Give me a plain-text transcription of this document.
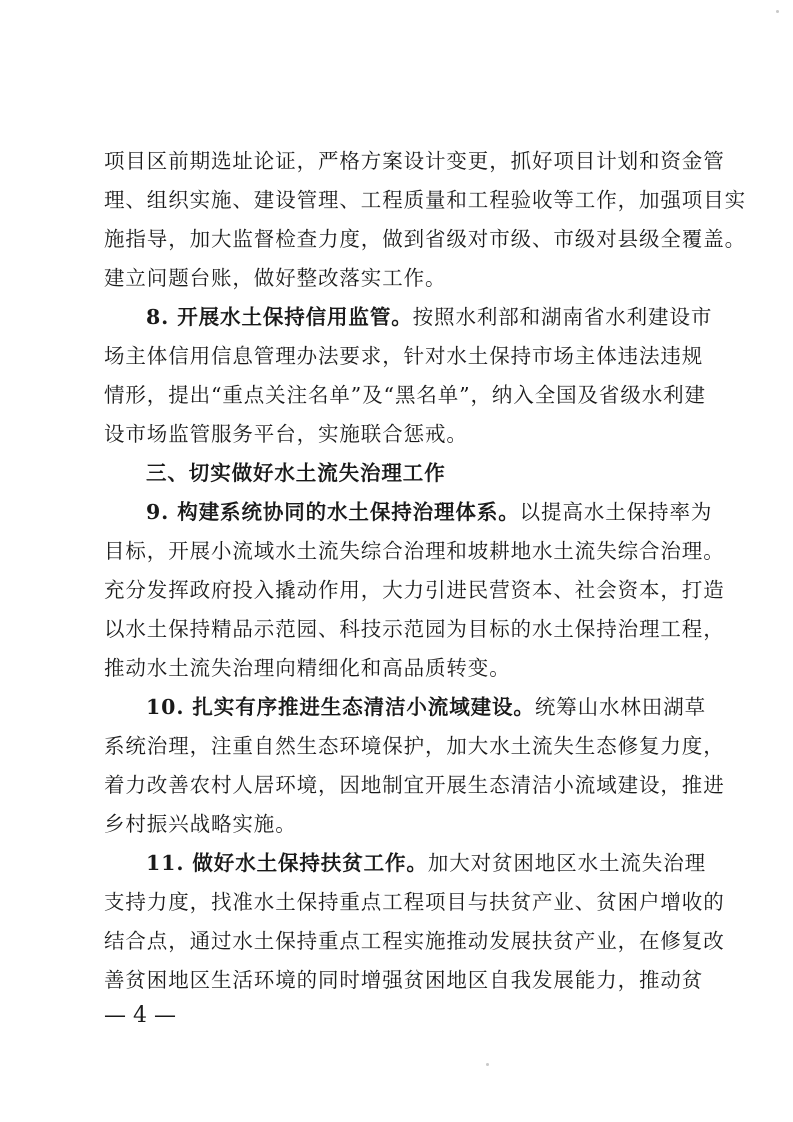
项目区前期选址论证，严格方案设计变更，抓好项目计划和资金管
理、组织实施、建设管理、工程质量和工程验收等工作，加强项目实
施指导，加大监督检查力度，做到省级对市级、市级对县级全覆盖。
建立问题台账，做好整改落实工作。
8. 开展水土保持信用监管。按照水利部和湖南省水利建设市
场主体信用信息管理办法要求，针对水土保持市场主体违法违规
情形，提出“重点关注名单”及“黑名单”，纳入全国及省级水利建
设市场监管服务平台，实施联合惩戒。
三、切实做好水土流失治理工作
9. 构建系统协同的水土保持治理体系。以提高水土保持率为
目标，开展小流域水土流失综合治理和坡耕地水土流失综合治理。
充分发挥政府投入撬动作用，大力引进民营资本、社会资本，打造
以水土保持精品示范园、科技示范园为目标的水土保持治理工程，
推动水土流失治理向精细化和高品质转变。
10. 扎实有序推进生态清洁小流域建设。统筹山水林田湖草
系统治理，注重自然生态环境保护，加大水土流失生态修复力度，
着力改善农村人居环境，因地制宜开展生态清洁小流域建设，推进
乡村振兴战略实施。
11. 做好水土保持扶贫工作。加大对贫困地区水土流失治理
支持力度，找准水土保持重点工程项目与扶贫产业、贫困户增收的
结合点，通过水土保持重点工程实施推动发展扶贫产业，在修复改
善贫困地区生活环境的同时增强贫困地区自我发展能力，推动贫
— 4 —
